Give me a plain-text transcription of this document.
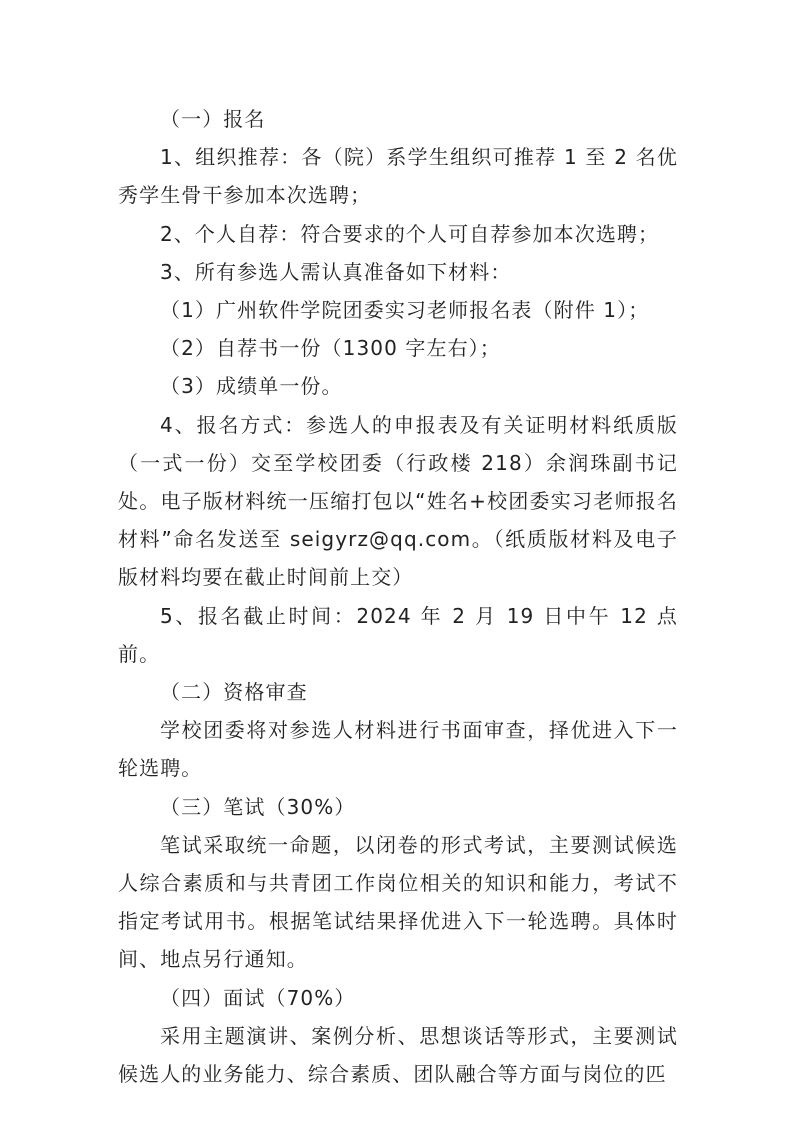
（一）报名

1、组织推荐：各（院）系学生组织可推荐 1 至 2 名优秀学生骨干参加本次选聘；

2、个人自荐：符合要求的个人可自荐参加本次选聘；

3、所有参选人需认真准备如下材料：

（1）广州软件学院团委实习老师报名表（附件 1）；

（2）自荐书一份（1300 字左右）；

（3）成绩单一份。

4、报名方式：参选人的申报表及有关证明材料纸质版（一式一份）交至学校团委（行政楼 218）余润珠副书记处。电子版材料统一压缩打包以“姓名+校团委实习老师报名材料”命名发送至 seigyrz@qq.com。（纸质版材料及电子版材料均要在截止时间前上交）

5、报名截止时间：2024 年 2 月 19 日中午 12 点前。

（二）资格审查

学校团委将对参选人材料进行书面审查，择优进入下一轮选聘。

（三）笔试（30%）

笔试采取统一命题，以闭卷的形式考试，主要测试候选人综合素质和与共青团工作岗位相关的知识和能力，考试不指定考试用书。根据笔试结果择优进入下一轮选聘。具体时间、地点另行通知。

（四）面试（70%）

采用主题演讲、案例分析、思想谈话等形式，主要测试候选人的业务能力、综合素质、团队融合等方面与岗位的匹
